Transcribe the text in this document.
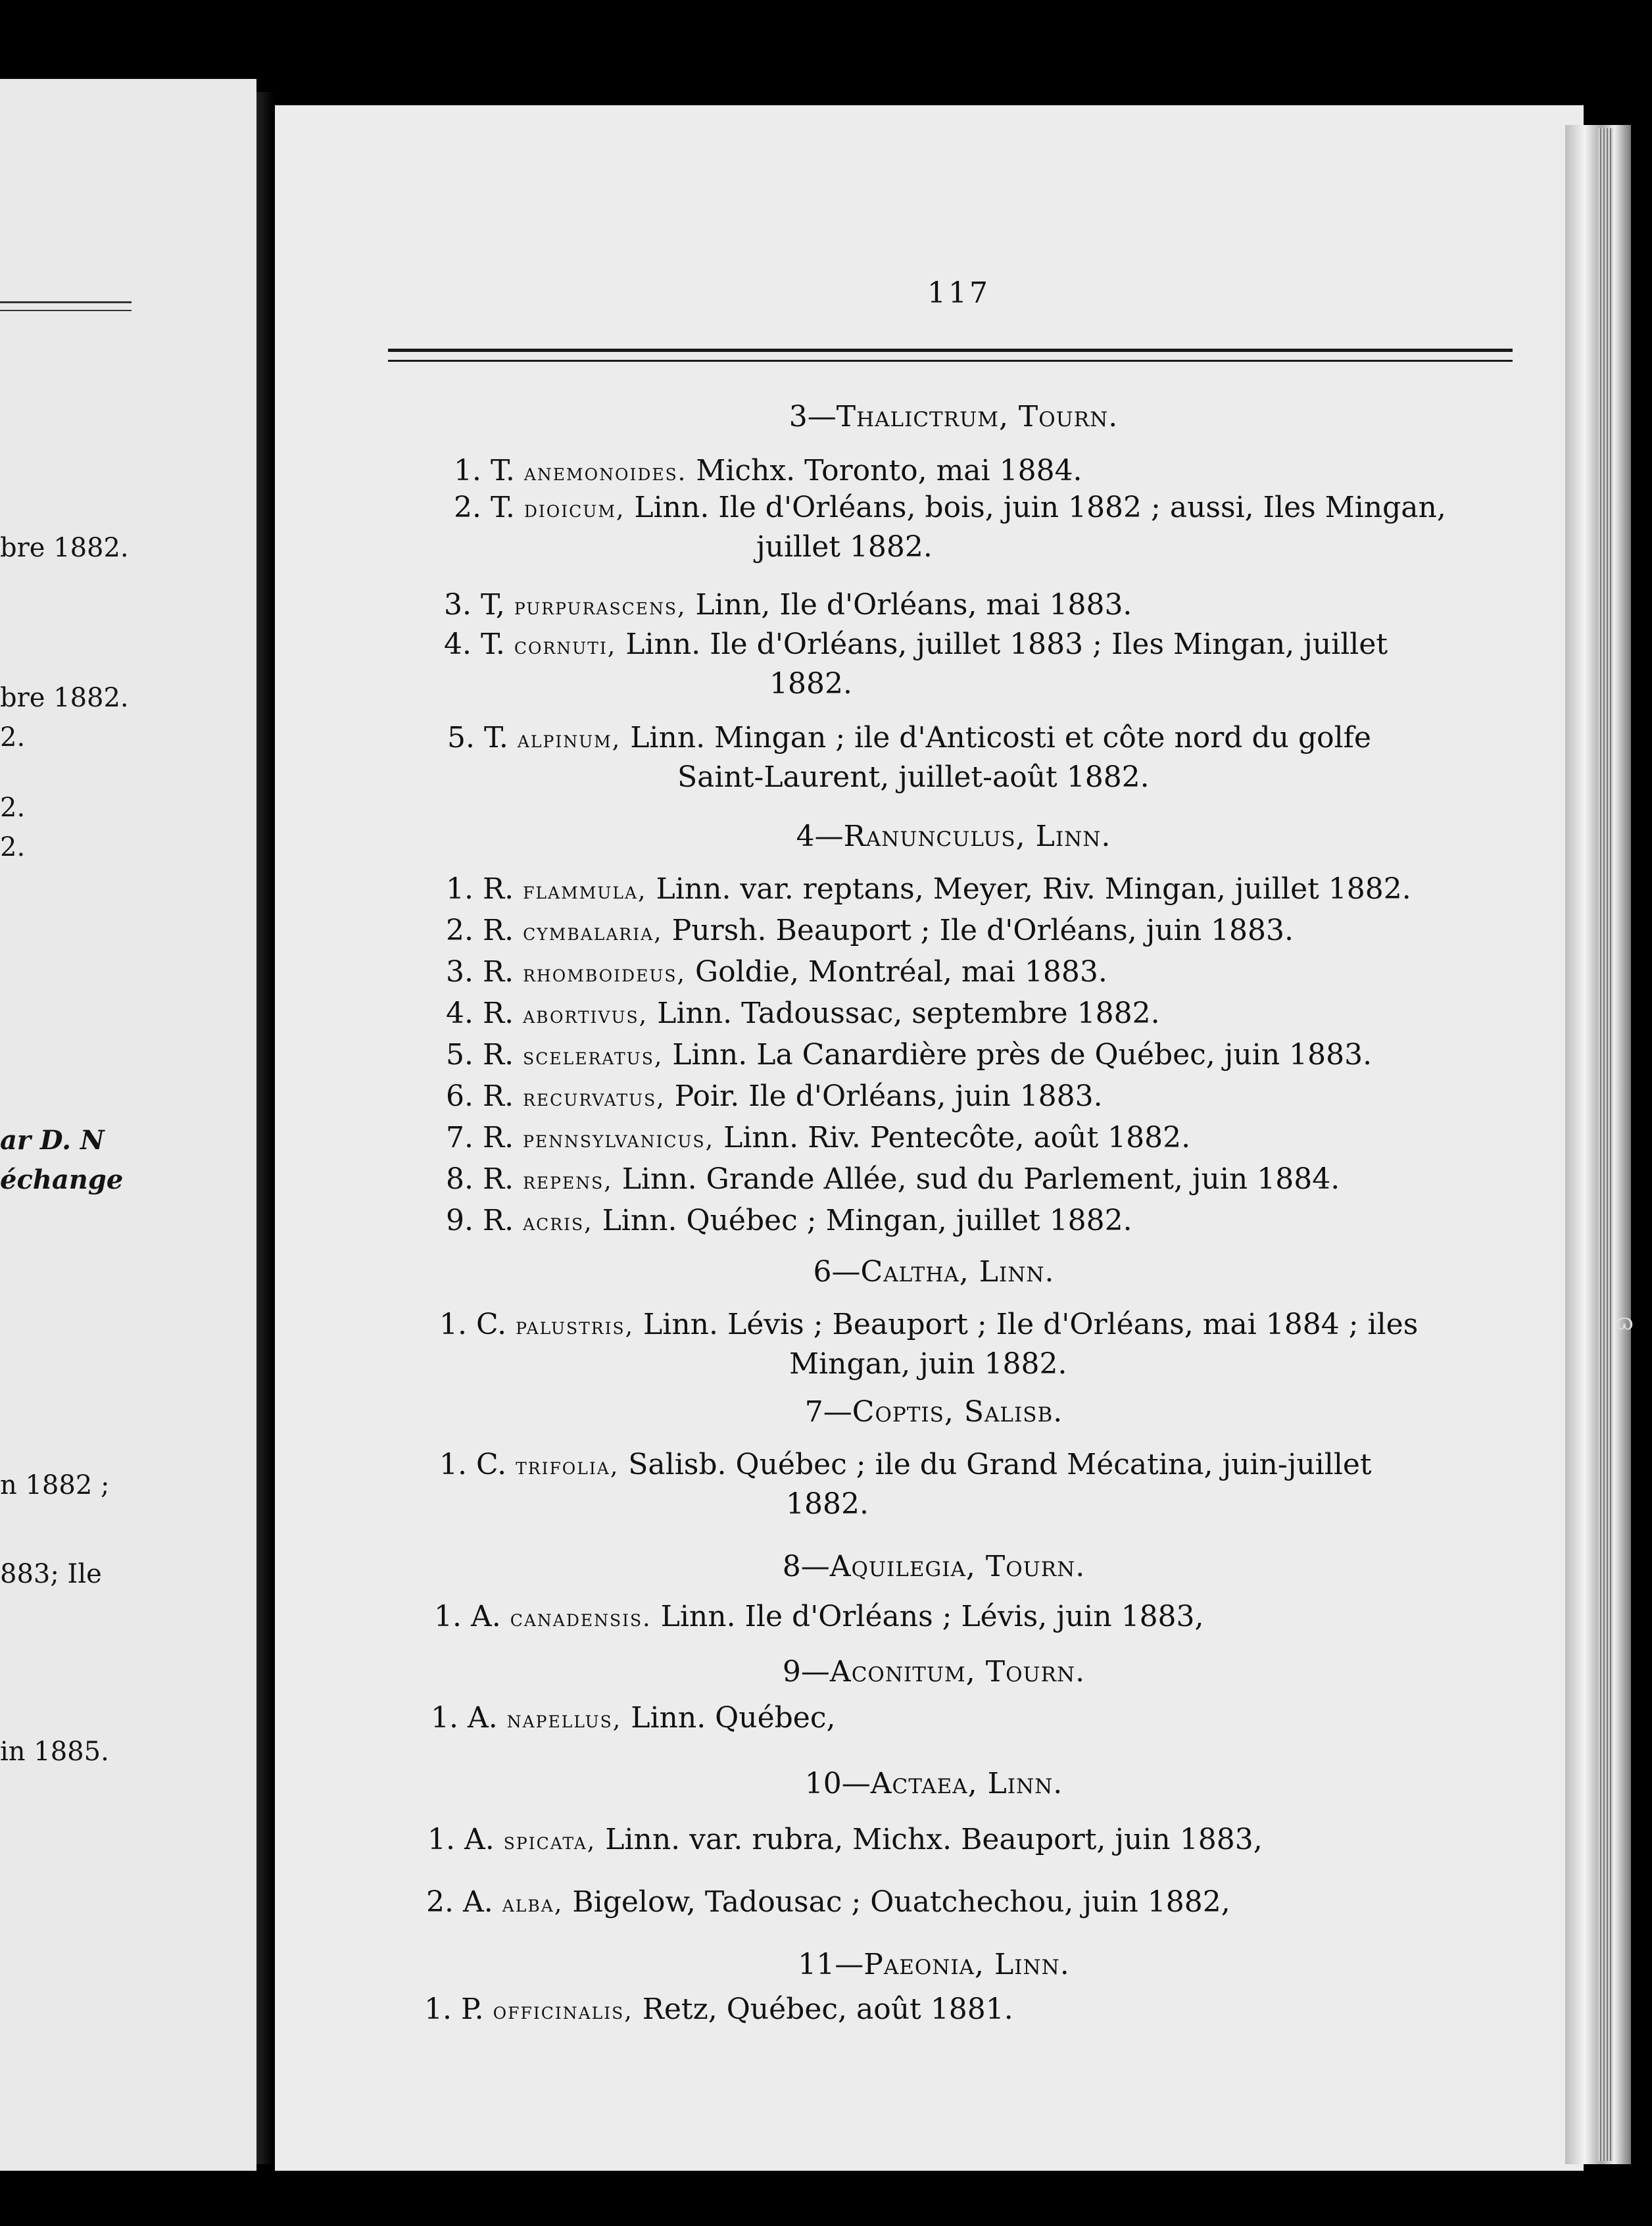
bre 1882.
bre 1882.
2.
2.
2.
ar D. N
échange
n 1882 ;
883; Ile
in 1885.
ɷ
117
3—Thalictrum, Tourn.
1. T. anemonoides. Michx. Toronto, mai 1884.
2. T. dioicum, Linn. Ile d'Orléans, bois, juin 1882 ; aussi, Iles Mingan,
juillet 1882.
3. T, purpurascens, Linn, Ile d'Orléans, mai 1883.
4. T. cornuti, Linn. Ile d'Orléans, juillet 1883 ; Iles Mingan, juillet
1882.
5. T. alpinum, Linn. Mingan ; ile d'Anticosti et côte nord du golfe
Saint-Laurent, juillet-août 1882.
4—Ranunculus, Linn.
1. R. flammula, Linn. var. reptans, Meyer, Riv. Mingan, juillet 1882.
2. R. cymbalaria, Pursh. Beauport ; Ile d'Orléans, juin 1883.
3. R. rhomboideus, Goldie, Montréal, mai 1883.
4. R. abortivus, Linn. Tadoussac, septembre 1882.
5. R. sceleratus, Linn. La Canardière près de Québec, juin 1883.
6. R. recurvatus, Poir. Ile d'Orléans, juin 1883.
7. R. pennsylvanicus, Linn. Riv. Pentecôte, août 1882.
8. R. repens, Linn. Grande Allée, sud du Parlement, juin 1884.
9. R. acris, Linn. Québec ; Mingan, juillet 1882.
6—Caltha, Linn.
1. C. palustris, Linn. Lévis ; Beauport ; Ile d'Orléans, mai 1884 ; iles
Mingan, juin 1882.
7—Coptis, Salisb.
1. C. trifolia, Salisb. Québec ; ile du Grand Mécatina, juin-juillet
1882.
8—Aquilegia, Tourn.
1. A. canadensis. Linn. Ile d'Orléans ; Lévis, juin 1883,
9—Aconitum, Tourn.
1. A. napellus, Linn. Québec,
10—Actaea, Linn.
1. A. spicata, Linn. var. rubra, Michx. Beauport, juin 1883,
2. A. alba, Bigelow, Tadousac ; Ouatchechou, juin 1882,
11—Paeonia, Linn.
1. P. officinalis, Retz, Québec, août 1881.
